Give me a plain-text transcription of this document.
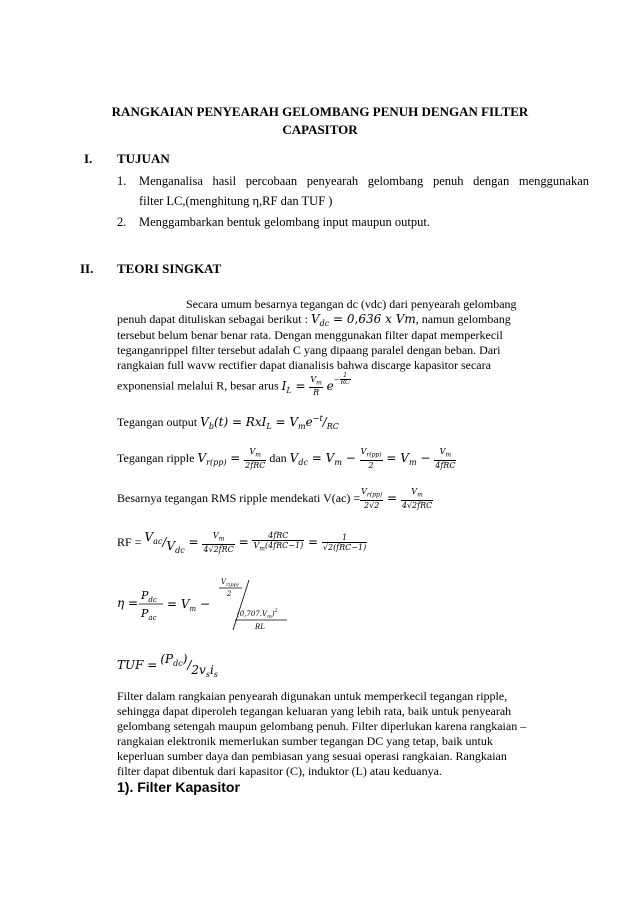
RANGKAIAN PENYEARAH GELOMBANG PENUH DENGAN FILTER
CAPASITOR
I. TUJUAN
1. Menganalisa hasil percobaan penyearah gelombang penuh dengan menggunakan
filter LC,(menghitung η,RF dan TUF )
2. Menggambarkan bentuk gelombang input maupun output.
II. TEORI SINGKAT
Secara umum besarnya tegangan dc (vdc) dari penyearah gelombang
penuh dapat dituliskan sebagai berikut : $V_{dc} = 0,636$ x Vm, namun gelombang
tersebut belum benar benar rata. Dengan menggunakan filter dapat memperkecil
teganganrippel filter tersebut adalah C yang dipaang paralel dengan beban. Dari
rangkaian full wavw rectifier dapat dianalisis bahwa discarge kapasitor secara
exponensial melalui R, besar arus $I_L = \frac{V_m}{R} e^{- \frac{1}{RC}}$
Tegangan output $V_b(t) = RxI_L = V_me^{-t}/_{RC}$
Tegangan ripple $V_{r(pp)} = \frac{V_m}{\text{2fRC}}$ dan $V_{dc} = V_m - \frac{V_{r(pp)}}{2} = V_m - \frac{V_m}{\text{4fRC}}$
Besarnya tegangan RMS ripple mendekati $V(ac) = \frac{V_{r(pp)}}{2√2} = \frac{V_m}{\text{4√2fRC}}$
RF = $V_{ac}/V_{dc} = \frac{V_m}{\text{4√2fRC}} = \frac{\text{4fRC}}{V_m(4fRC-1)} = \frac{1}{\text{√2(fRC−1)}}$
η =
$P_{dc}$
$P_{ac}$
= $V_m$ −
$V_{r(pp)}$
2
$(0,707.V_m)^2$
RL
TUF = $(P_{dc})/2v_si_s$
Filter dalam rangkaian penyearah digunakan untuk memperkecil tegangan ripple,
sehingga dapat diperoleh tegangan keluaran yang lebih rata, baik untuk penyearah
gelombang setengah maupun gelombang penuh. Filter diperlukan karena rangkaian –
rangkaian elektronik memerlukan sumber tegangan DC yang tetap, baik untuk
keperluan sumber daya dan pembiasan yang sesuai operasi rangkaian. Rangkaian
filter dapat dibentuk dari kapasitor (C), induktor (L) atau keduanya.
1). Filter Kapasitor
